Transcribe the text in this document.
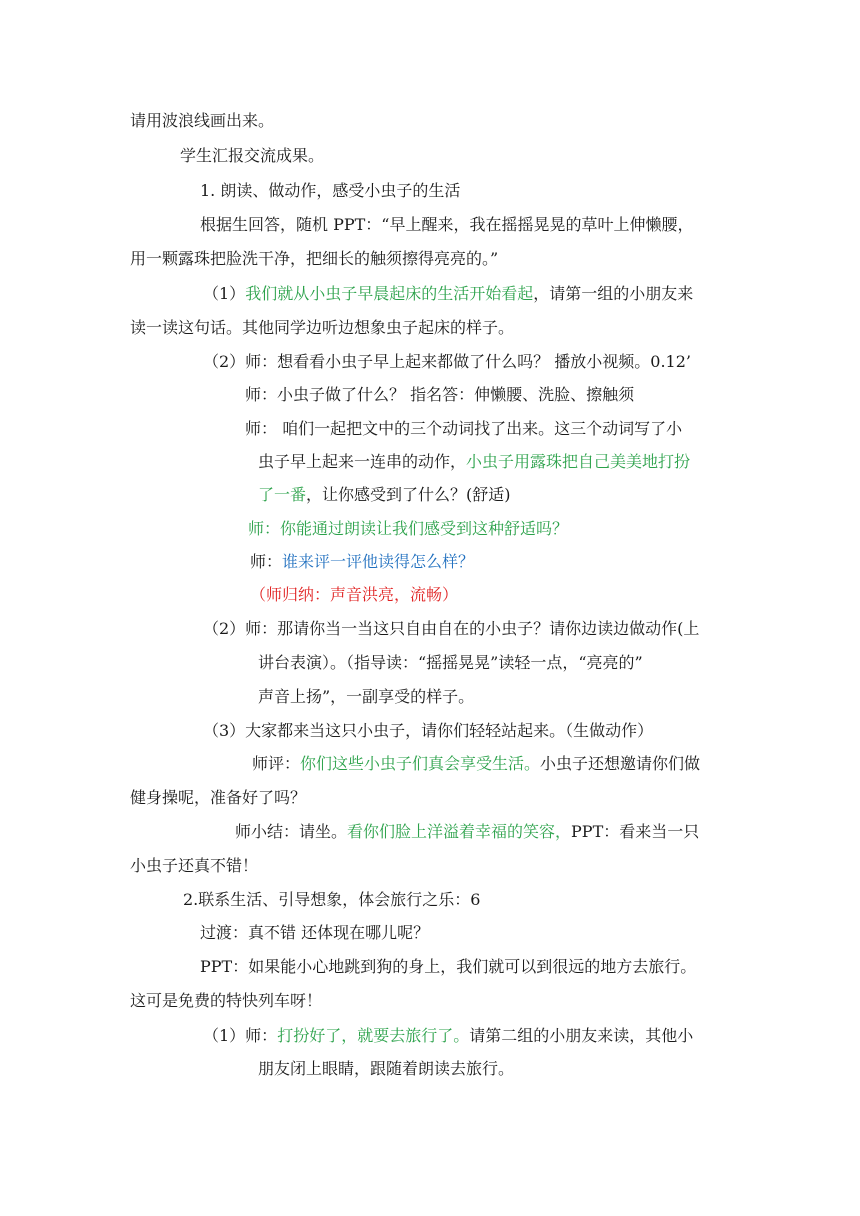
请用波浪线画出来。
学生汇报交流成果。
1. 朗读、做动作，感受小虫子的生活
根据生回答，随机 PPT：“早上醒来，我在摇摇晃晃的草叶上伸懒腰，
用一颗露珠把脸洗干净，把细长的触须擦得亮亮的。”
（1）我们就从小虫子早晨起床的生活开始看起，请第一组的小朋友来
读一读这句话。其他同学边听边想象虫子起床的样子。
（2）师：想看看小虫子早上起来都做了什么吗？ 播放小视频。0.12’
师：小虫子做了什么？ 指名答：伸懒腰、洗脸、擦触须
师： 咱们一起把文中的三个动词找了出来。这三个动词写了小
虫子早上起来一连串的动作，小虫子用露珠把自己美美地打扮
了一番，让你感受到了什么？(舒适)
师：你能通过朗读让我们感受到这种舒适吗？
师：谁来评一评他读得怎么样？
（师归纳：声音洪亮，流畅）
（2）师：那请你当一当这只自由自在的小虫子？请你边读边做动作(上
讲台表演）。（指导读：“摇摇晃晃”读轻一点，“亮亮的”
声音上扬”，一副享受的样子。
（3）大家都来当这只小虫子，请你们轻轻站起来。（生做动作）
师评：你们这些小虫子们真会享受生活。小虫子还想邀请你们做
健身操呢，准备好了吗？
师小结：请坐。看你们脸上洋溢着幸福的笑容，PPT：看来当一只
小虫子还真不错！
2.联系生活、引导想象，体会旅行之乐：6
过渡：真不错 还体现在哪儿呢？
PPT：如果能小心地跳到狗的身上，我们就可以到很远的地方去旅行。
这可是免费的特快列车呀！
（1）师：打扮好了，就要去旅行了。请第二组的小朋友来读，其他小
朋友闭上眼睛，跟随着朗读去旅行。
